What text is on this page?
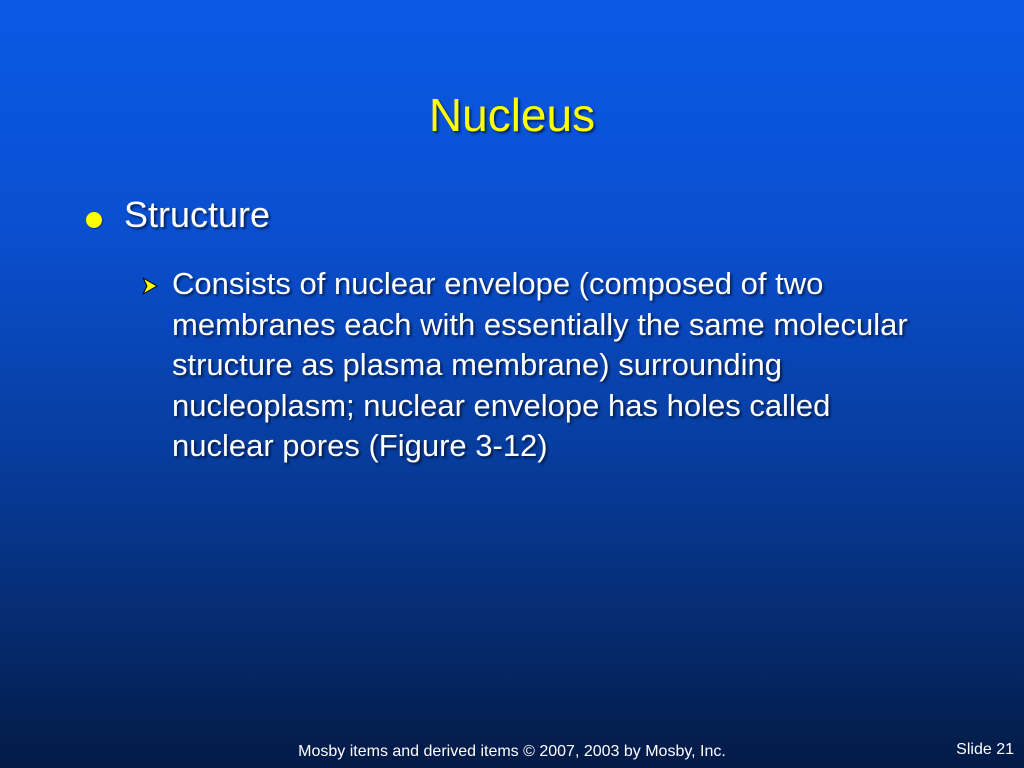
Nucleus
Structure
Consists of nuclear envelope (composed of two membranes each with essentially the same molecular structure as plasma membrane) surrounding nucleoplasm; nuclear envelope has holes called nuclear pores (Figure 3-12)
Mosby items and derived items © 2007, 2003 by Mosby, Inc.	Slide 21
